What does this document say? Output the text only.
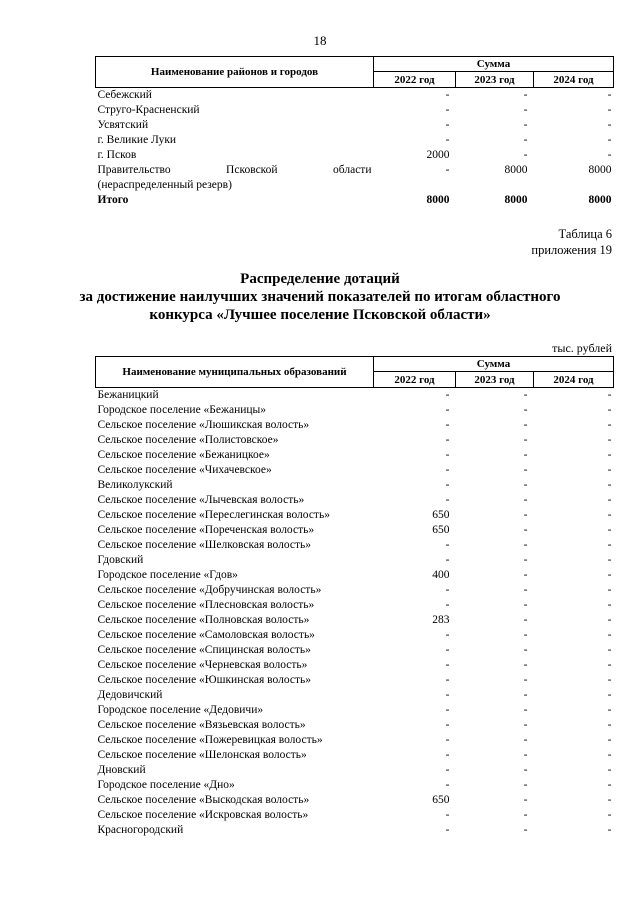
18
Наименование районов и городов	Сумма		
	2022 год	2023 год	2024 год
Себежский	-	-	-
Струго-Красненский	-	-	-
Усвятский	-	-	-
г. Великие Луки	-	-	-
г. Псков	2000	-	-

Правительство Псковской области
(нераспределенный резерв)	-	8000	8000
Итого	8000	8000	8000
Таблица 6
приложения 19
Распределение дотаций
за достижение наилучших значений показателей по итогам областного
конкурса «Лучшее поселение Псковской области»
тыс. рублей
Наименование муниципальных образований	Сумма		
	2022 год	2023 год	2024 год
Бежаницкий	-	-	-
Городское поселение «Бежаницы»	-	-	-
Сельское поселение «Люшикская волость»	-	-	-
Сельское поселение «Полистовское»	-	-	-
Сельское поселение «Бежаницкое»	-	-	-
Сельское поселение «Чихачевское»	-	-	-
Великолукский	-	-	-
Сельское поселение «Лычевская волость»	-	-	-
Сельское поселение «Переслегинская волость»	650	-	-
Сельское поселение «Пореченская волость»	650	-	-
Сельское поселение «Шелковская волость»	-	-	-
Гдовский	-	-	-
Городское поселение «Гдов»	400	-	-
Сельское поселение «Добручинская волость»	-	-	-
Сельское поселение «Плесновская волость»	-	-	-
Сельское поселение «Полновская волость»	283	-	-
Сельское поселение «Самоловская волость»	-	-	-
Сельское поселение «Спицинская волость»	-	-	-
Сельское поселение «Черневская волость»	-	-	-
Сельское поселение «Юшкинская волость»	-	-	-
Дедовичский	-	-	-
Городское поселение «Дедовичи»	-	-	-
Сельское поселение «Вязьевская волость»	-	-	-
Сельское поселение «Пожеревицкая волость»	-	-	-
Сельское поселение «Шелонская волость»	-	-	-
Дновский	-	-	-
Городское поселение «Дно»	-	-	-
Сельское поселение «Выскодская волость»	650	-	-
Сельское поселение «Искровская волость»	-	-	-
Красногородский	-	-	-
